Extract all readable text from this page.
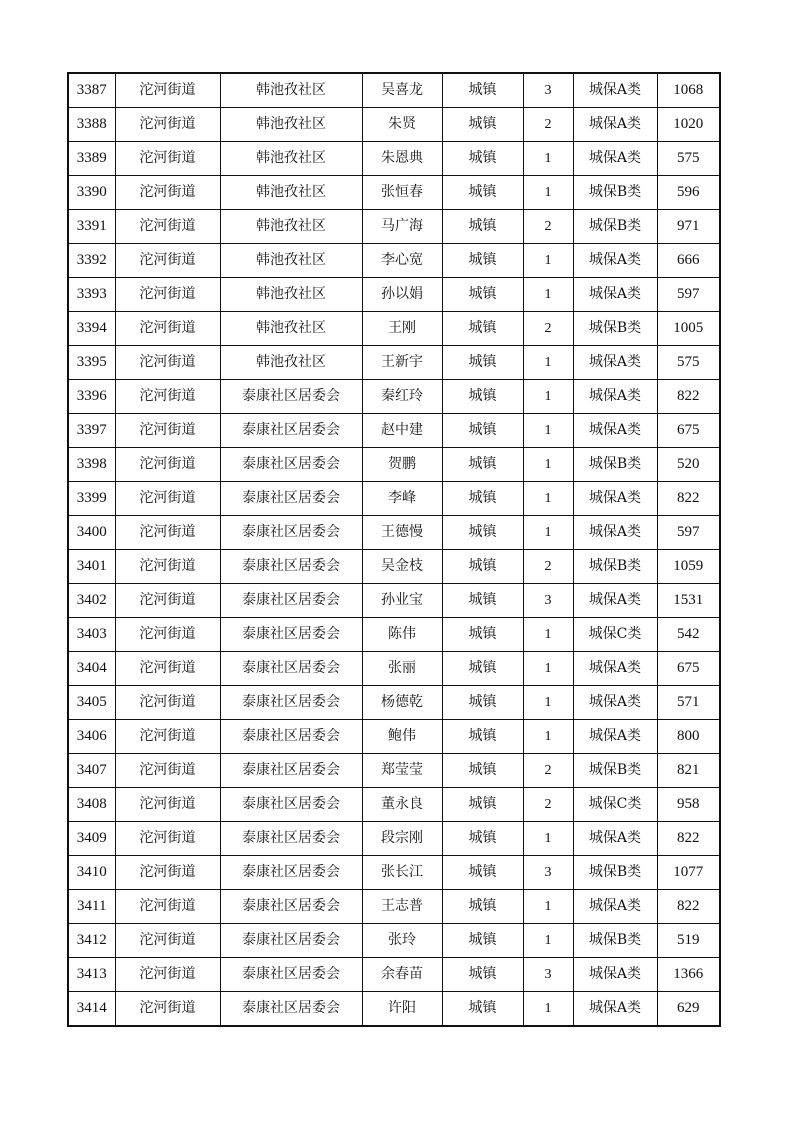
3387	沱河街道	韩池孜社区	吴喜龙	城镇	3	城保A类	1068
3388	沱河街道	韩池孜社区	朱贤	城镇	2	城保A类	1020
3389	沱河街道	韩池孜社区	朱恩典	城镇	1	城保A类	575
3390	沱河街道	韩池孜社区	张恒春	城镇	1	城保B类	596
3391	沱河街道	韩池孜社区	马广海	城镇	2	城保B类	971
3392	沱河街道	韩池孜社区	李心宽	城镇	1	城保A类	666
3393	沱河街道	韩池孜社区	孙以娟	城镇	1	城保A类	597
3394	沱河街道	韩池孜社区	王刚	城镇	2	城保B类	1005
3395	沱河街道	韩池孜社区	王新宇	城镇	1	城保A类	575
3396	沱河街道	泰康社区居委会	秦红玲	城镇	1	城保A类	822
3397	沱河街道	泰康社区居委会	赵中建	城镇	1	城保A类	675
3398	沱河街道	泰康社区居委会	贺鹏	城镇	1	城保B类	520
3399	沱河街道	泰康社区居委会	李峰	城镇	1	城保A类	822
3400	沱河街道	泰康社区居委会	王德慢	城镇	1	城保A类	597
3401	沱河街道	泰康社区居委会	吴金枝	城镇	2	城保B类	1059
3402	沱河街道	泰康社区居委会	孙业宝	城镇	3	城保A类	1531
3403	沱河街道	泰康社区居委会	陈伟	城镇	1	城保C类	542
3404	沱河街道	泰康社区居委会	张丽	城镇	1	城保A类	675
3405	沱河街道	泰康社区居委会	杨德乾	城镇	1	城保A类	571
3406	沱河街道	泰康社区居委会	鲍伟	城镇	1	城保A类	800
3407	沱河街道	泰康社区居委会	郑莹莹	城镇	2	城保B类	821
3408	沱河街道	泰康社区居委会	董永良	城镇	2	城保C类	958
3409	沱河街道	泰康社区居委会	段宗刚	城镇	1	城保A类	822
3410	沱河街道	泰康社区居委会	张长江	城镇	3	城保B类	1077
3411	沱河街道	泰康社区居委会	王志普	城镇	1	城保A类	822
3412	沱河街道	泰康社区居委会	张玲	城镇	1	城保B类	519
3413	沱河街道	泰康社区居委会	余春苗	城镇	3	城保A类	1366
3414	沱河街道	泰康社区居委会	许阳	城镇	1	城保A类	629
